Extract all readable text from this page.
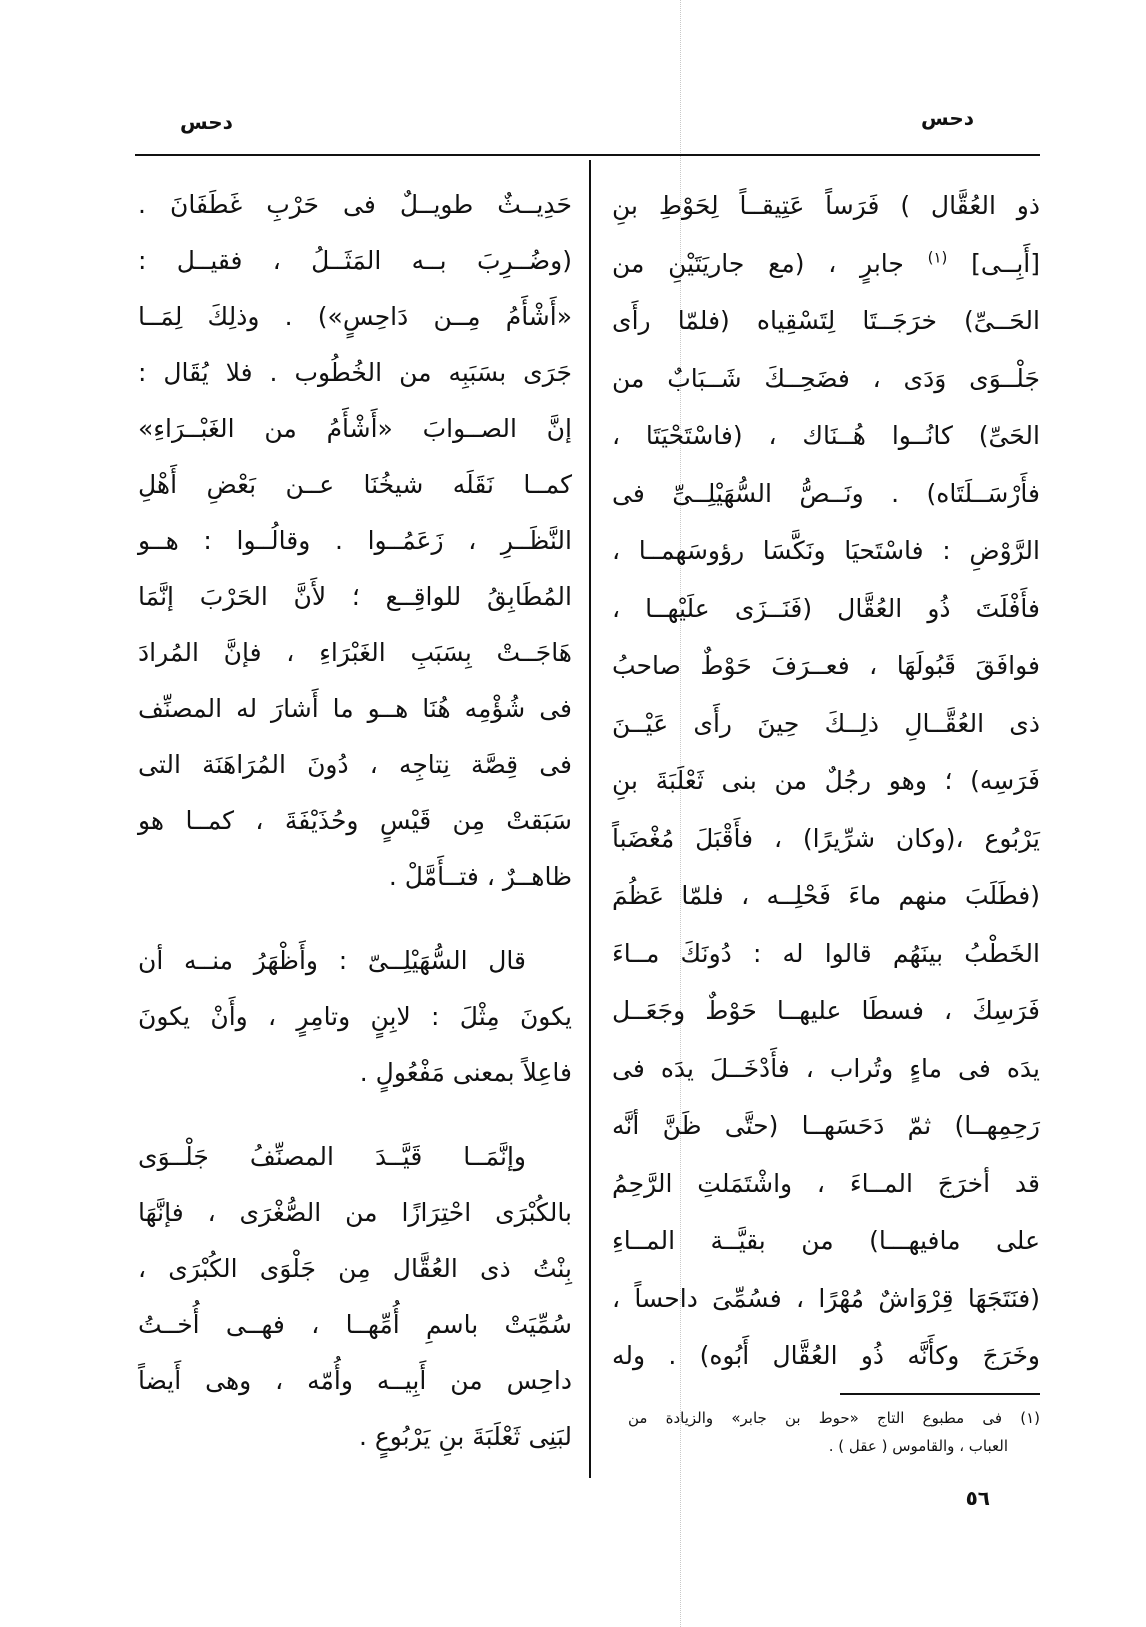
دحس
دحس
ذو العُقَّال ) فَرَساً عَتِيقــاً لِحَوْطِ بنِ
[أَبِــى] $^{(١)}$ جابرٍ ، (مع جاريَتَيْنِ من
الحَــىِّ) خرَجَــتَا لِتَسْقِياه (فلمّا رأَى
جَلْــوَى وَدَى ، فضَحِــكَ شَــبَابٌ من
الحَىِّ) كانُــوا هُــنَاك ، (فاسْتَحْيَتَا ،
فأَرْسَــلَتَاه) . ونَــصُّ السُّهَيْلِــىِّ فى
الرَّوْضِ : فاسْتَحيَا ونَكَّسَا رؤوسَهمــا ،
فأَفْلَتَ ذُو العُقَّال (فَنَــزَى علَيْهــا ،
فوافَقَ قَبُولَهَا ، فعــرَفَ حَوْطٌ صاحبُ
ذى العُقَّــالِ ذلِــكَ حِينَ رأَى عَيْــنَ
فَرَسِه) ؛ وهو رجُلٌ من بنى ثَعْلَبَةَ بنِ
يَرْبُوع ،(وكان شرِّيرًا) ، فأَقْبَلَ مُغْضَباً
(فطَلَبَ منهم ماءَ فَحْلِــه ، فلمّا عَظُمَ
الخَطْبُ بينَهُم قالوا له : دُونَكَ مــاءَ
فَرَسِكَ ، فسطَا عليهــا حَوْطٌ وجَعَــل
يدَه فى ماءٍ وتُراب ، فأَدْخَــلَ يدَه فى
رَحِمِهــا) ثمّ دَحَسَهــا (حتَّى ظَنَّ أنَّه
قد أخرَجَ المــاءَ ، واشْتَمَلتِ الرَّحِمُ
على مافيهـــا) من بقيَّــة المــاءِ
(فنَتَجَهَا قِرْوَاشٌ مُهْرًا ، فسُمِّىَ داحساً ،
وخَرَجَ وكأَنَّه ذُو العُقَّال أَبُوه) . وله
حَدِيــثٌ طويــلٌ فى حَرْبِ غَطَفَانَ .
(وضُــرِبَ بــه المَثَــلُ ، فقيــل :
«أَشْأَمُ مِــن دَاحِسٍ») . وذلِكَ لِمَــا
جَرَى بسَبَبِه من الخُطُوب . فلا يُقَال :
إنَّ الصــوابَ «أَشْأَمُ من الغَبْــرَاءِ»
كمــا نَقَلَه شيخُنَا عــن بَعْضِ أَهْلِ
النَّظَــرِ ، زَعَمُــوا . وقالُــوا : هــو
المُطَابِقُ للواقِــع ؛ لأَنَّ الحَرْبَ إنَّمَا
هَاجَــتْ بِسَبَبِ الغَبْرَاءِ ، فإنَّ المُرادَ
فى شُؤْمِه هُنَا هــو ما أَشارَ له المصنِّف
فى قِصَّة نِتاجِه ، دُونَ المُرَاهَنَة التى
سَبَقتْ مِن قَيْسٍ وحُذَيْفَةَ ، كمــا هو
ظاهــرٌ ، فتــأَمَّلْ .
قال السُّهَيْلِــىّ : وأَظْهَرُ منــه أن
يكونَ مِثْلَ : لابِنٍ وتامِرٍ ، وأَنْ يكونَ
فاعِلاً بمعنى مَفْعُولٍ .
وإنَّمَــا قَيَّــدَ المصنِّفُ جَلْــوَى
بالكُبْرَى احْتِرَازًا من الصُّغْرَى ، فإنَّهَا
بِنْتُ ذى العُقَّال مِن جَلْوَى الكُبْرَى ،
سُمِّيَتْ باسمِ أُمِّهــا ، فهــى أُخــتُ
داحِس من أَبِيــه وأُمّه ، وهى أَيضاً
لبَنِى ثَعْلَبَةَ بنِ يَرْبُوعٍ .
(١) فى مطبوع التاج «حوط بن جابر» والزيادة من
العباب ، والقاموس ( عقل ) .
٥٦
